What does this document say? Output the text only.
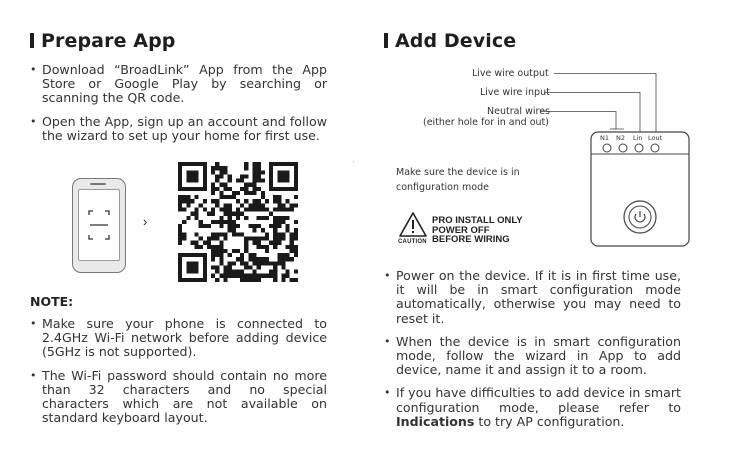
Prepare App
• Download “BroadLink” App from the App Store or Google Play by searching or scanning the QR code.
• Open the App, sign up an account and follow the wizard to set up your home for first use.
›

NOTE:

• Make sure your phone is connected to 2.4GHz Wi-Fi network before adding device (5GHz is not supported).
• The Wi-Fi password should contain no more than 32 characters and no special characters which are not available on standard keyboard layout.
Add Device
Live wire output
Live wire input
Neutral wires
(either hole for in and out)
Make sure the device is in
configuration mode
N1 N2 Lin Lout
CAUTION
PRO INSTALL ONLY
POWER OFF
BEFORE WIRING
• Power on the device. If it is in first time use, it will be in smart configuration mode automatically, otherwise you may need to reset it.
• When the device is in smart configuration mode, follow the wizard in App to add device, name it and assign it to a room.
• If you have difficulties to add device in smart configuration mode, please refer to Indications to try AP configuration.
